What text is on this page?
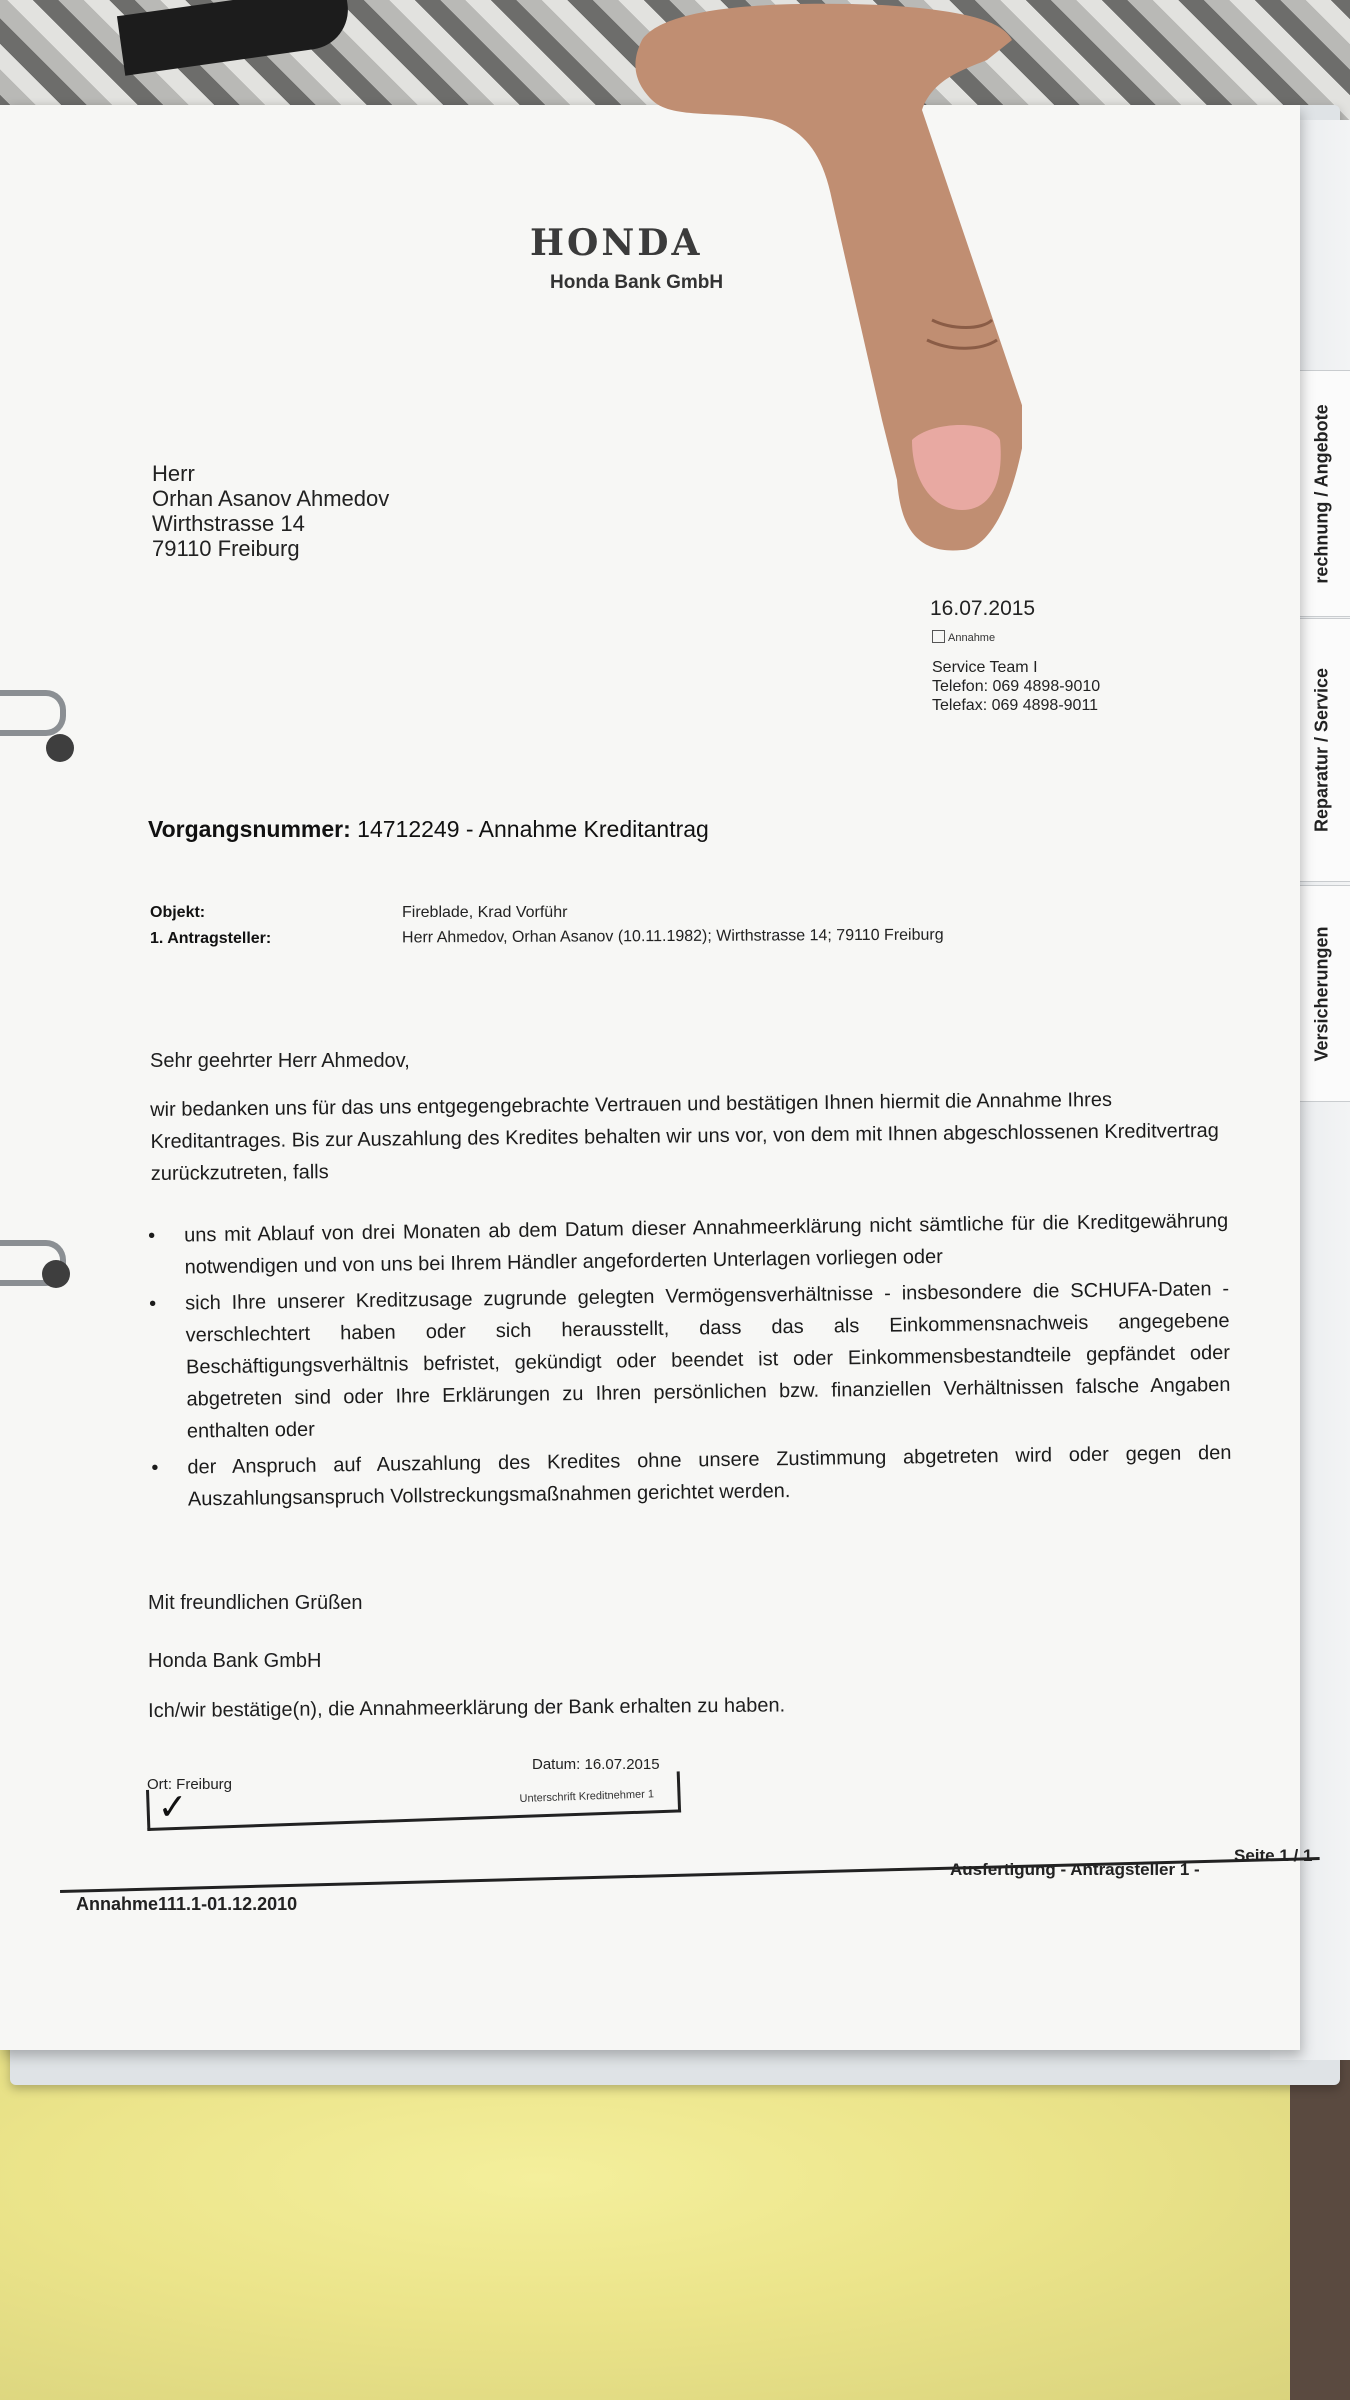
rechnung / Angebote
Reparatur / Service
Versicherungen
HONDA
Honda Bank GmbH
Herr
Orhan Asanov Ahmedov
Wirthstrasse 14
79110 Freiburg
16.07.2015
Annahme
Service Team I
Telefon: 069 4898-9010
Telefax: 069 4898-9011
Vorgangsnummer: 14712249 - Annahme Kreditantrag
Objekt:	Fireblade, Krad Vorführ
1. Antragsteller:	Herr Ahmedov, Orhan Asanov (10.11.1982); Wirthstrasse 14; 79110 Freiburg
Sehr geehrter Herr Ahmedov,
wir bedanken uns für das uns entgegengebrachte Vertrauen und bestätigen Ihnen hiermit die Annahme Ihres Kreditantrages. Bis zur Auszahlung des Kredites behalten wir uns vor, von dem mit Ihnen abgeschlossenen Kreditvertrag zurückzutreten, falls
•	uns mit Ablauf von drei Monaten ab dem Datum dieser Annahmeerklärung nicht sämtliche für die Kreditgewährung notwendigen und von uns bei Ihrem Händler angeforderten Unterlagen vorliegen oder
•	sich Ihre unserer Kreditzusage zugrunde gelegten Vermögensverhältnisse - insbesondere die SCHUFA-Daten - verschlechtert haben oder sich herausstellt, dass das als Einkommensnachweis angegebene Beschäftigungsverhältnis befristet, gekündigt oder beendet ist oder Einkommensbestandteile gepfändet oder abgetreten sind oder Ihre Erklärungen zu Ihren persönlichen bzw. finanziellen Verhältnissen falsche Angaben enthalten oder
•	der Anspruch auf Auszahlung des Kredites ohne unsere Zustimmung abgetreten wird oder gegen den Auszahlungsanspruch Vollstreckungsmaßnahmen gerichtet werden.
Mit freundlichen Grüßen
Honda Bank GmbH
Ich/wir bestätige(n), die Annahmeerklärung der Bank erhalten zu haben.
Ort: Freiburg
Datum: 16.07.2015
✓	Unterschrift Kreditnehmer 1
Ausfertigung - Antragsteller 1 -
Seite 1 / 1
Annahme111.1-01.12.2010
